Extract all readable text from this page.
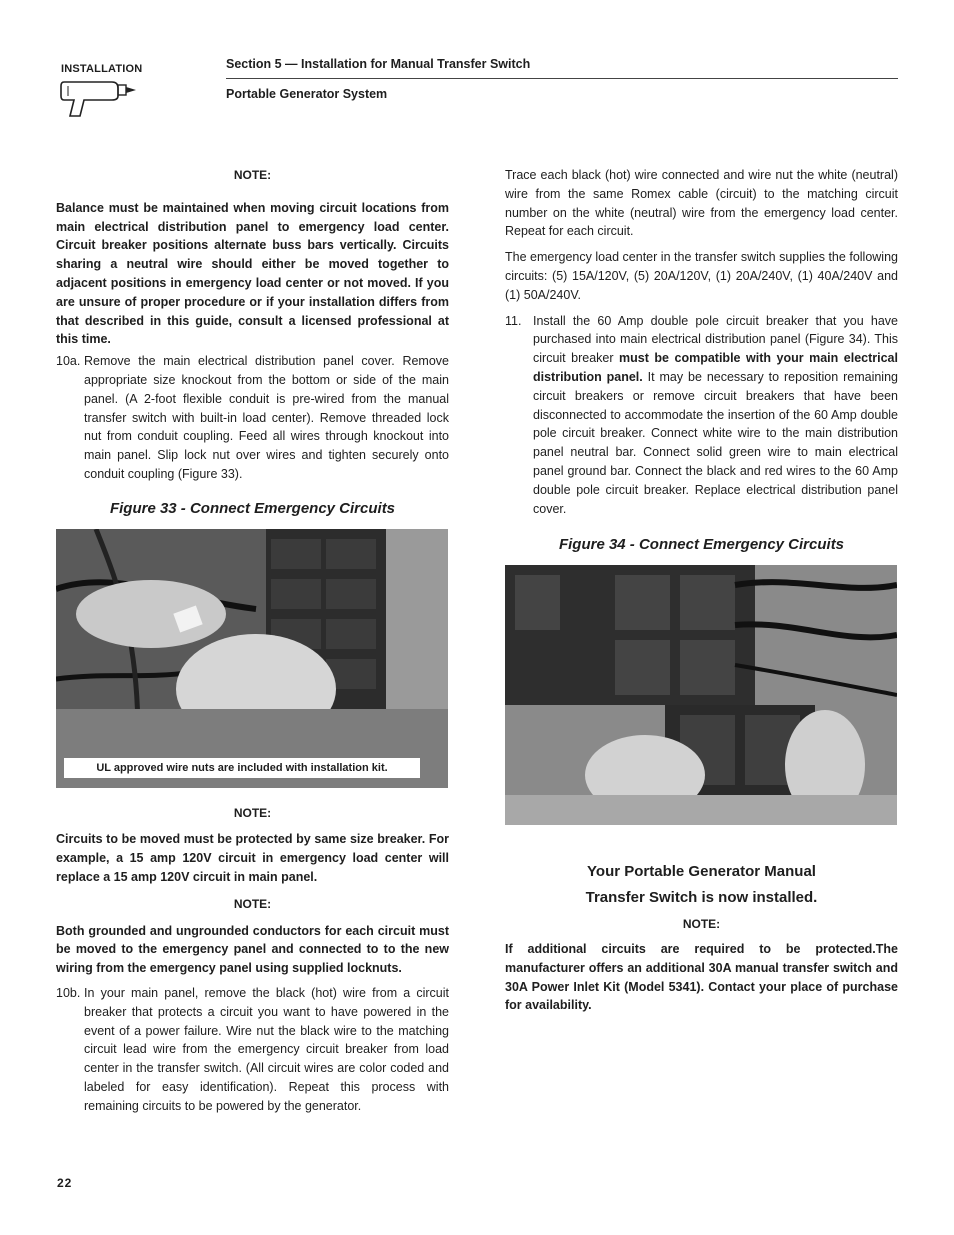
INSTALLATION	Section 5 — Installation for Manual Transfer Switch
Portable Generator System

NOTE:

Balance must be maintained when moving circuit locations from main electrical distribution panel to emergency load center. Circuit breaker positions alternate buss bars vertically. Circuits sharing a neutral wire should either be moved together to adjacent positions in emergency load center or not moved. If you are unsure of proper procedure or if your installation differs from that described in this guide, consult a licensed professional at this time.

10a. Remove the main electrical distribution panel cover. Remove appropriate size knockout from the bottom or side of the main panel. (A 2-foot flexible conduit is pre-wired from the manual transfer switch with built-in load center). Remove threaded lock nut from conduit coupling. Feed all wires through knockout into main panel. Slip lock nut over wires and tighten securely onto conduit coupling (Figure 33).

Figure 33 - Connect Emergency Circuits

UL approved wire nuts are included with installation kit.

NOTE:

Circuits to be moved must be protected by same size breaker. For example, a 15 amp 120V circuit in emergency load center will replace a 15 amp 120V circuit in main panel.

NOTE:

Both grounded and ungrounded conductors for each circuit must be moved to the emergency panel and connected to to the new wiring from the emergency panel using supplied locknuts.

10b. In your main panel, remove the black (hot) wire from a circuit breaker that protects a circuit you want to have powered in the event of a power failure. Wire nut the black wire to the matching circuit lead wire from the emergency circuit breaker from load center in the transfer switch. (All circuit wires are color coded and labeled for easy identification). Repeat this process with remaining circuits to be powered by the generator.

Trace each black (hot) wire connected and wire nut the white (neutral) wire from the same Romex cable (circuit) to the matching circuit number on the white (neutral) wire from the emergency load center. Repeat for each circuit.

The emergency load center in the transfer switch supplies the following circuits: (5) 15A/120V, (5) 20A/120V, (1) 20A/240V, (1) 40A/240V and (1) 50A/240V.

11. Install the 60 Amp double pole circuit breaker that you have purchased into main electrical distribution panel (Figure 34). This circuit breaker must be compatible with your main electrical distribution panel. It may be necessary to reposition remaining circuit breakers or remove circuit breakers that have been disconnected to accommodate the insertion of the 60 Amp double pole circuit breaker. Connect white wire to the main distribution panel neutral bar. Connect solid green wire to main electrical panel ground bar. Connect the black and red wires to the 60 Amp double pole circuit breaker. Replace electrical distribution panel cover.

Figure 34 - Connect Emergency Circuits

Your Portable Generator Manual

Transfer Switch is now installed.

NOTE:

If additional circuits are required to be protected.The manufacturer offers an additional 30A manual transfer switch and 30A Power Inlet Kit (Model 5341). Contact your place of purchase for availability.

22
